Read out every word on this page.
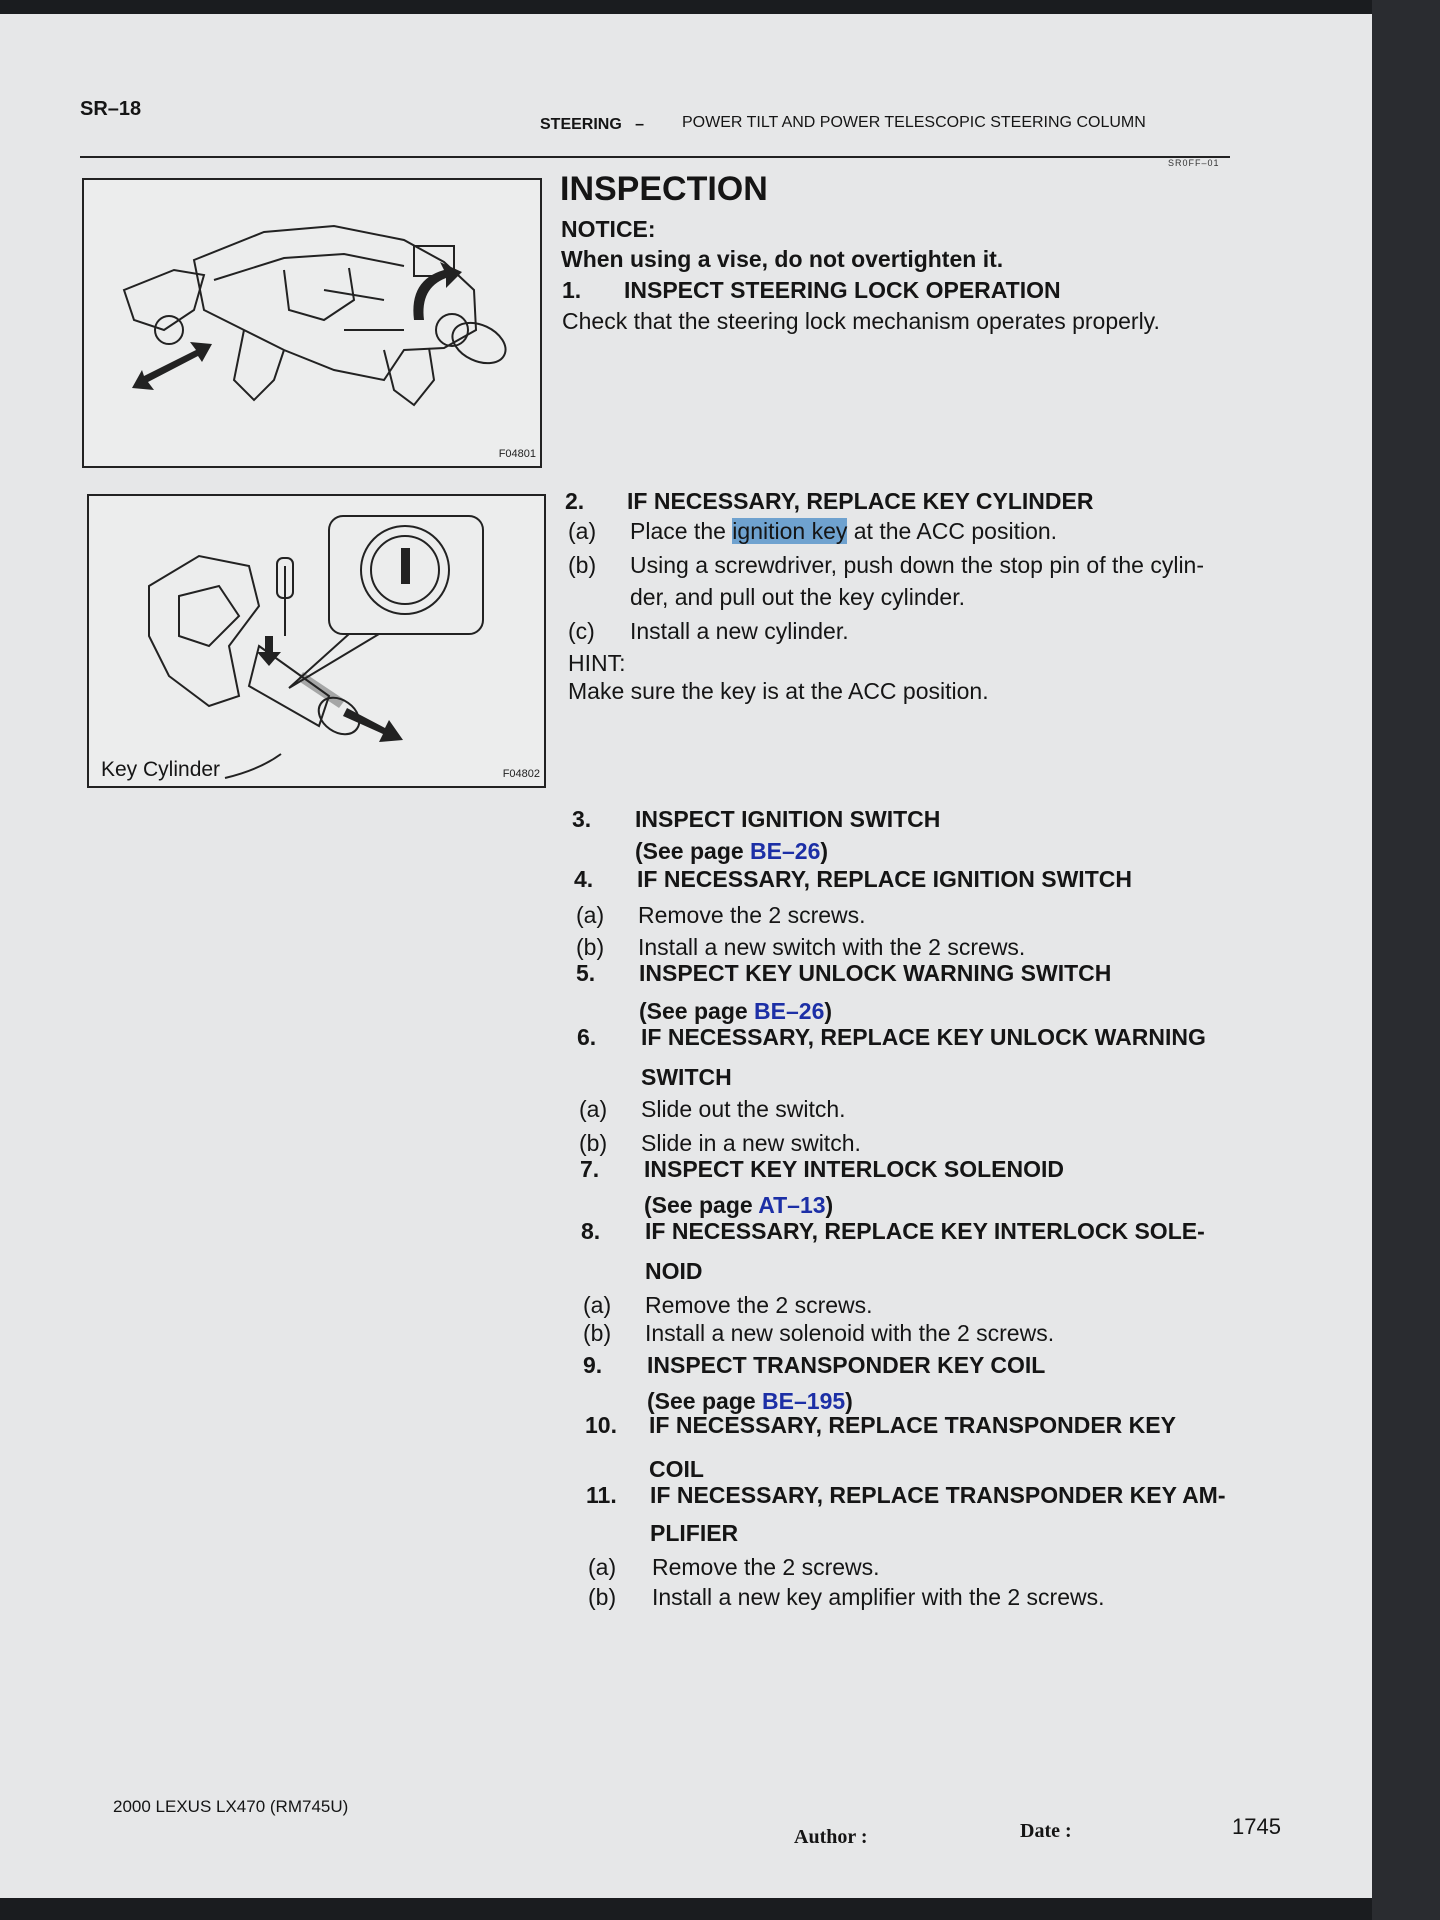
SR–18
STEERING – POWER TILT AND POWER TELESCOPIC STEERING COLUMN
SR0FF–01
F04801
Key Cylinder	F04802
INSPECTION
NOTICE:
When using a vise, do not overtighten it.
1. INSPECT STEERING LOCK OPERATION
Check that the steering lock mechanism operates properly.
2. IF NECESSARY, REPLACE KEY CYLINDER
(a) Place the ignition key at the ACC position.
(b) Using a screwdriver, push down the stop pin of the cylin-
der, and pull out the key cylinder.
(c) Install a new cylinder.
HINT:
Make sure the key is at the ACC position.
3. INSPECT IGNITION SWITCH
(See page BE–26)
4. IF NECESSARY, REPLACE IGNITION SWITCH
(a) Remove the 2 screws.
(b) Install a new switch with the 2 screws.
5. INSPECT KEY UNLOCK WARNING SWITCH
(See page BE–26)
6. IF NECESSARY, REPLACE KEY UNLOCK WARNING
SWITCH
(a) Slide out the switch.
(b) Slide in a new switch.
7. INSPECT KEY INTERLOCK SOLENOID
(See page AT–13)
8. IF NECESSARY, REPLACE KEY INTERLOCK SOLE-
NOID
(a) Remove the 2 screws.
(b) Install a new solenoid with the 2 screws.
9. INSPECT TRANSPONDER KEY COIL
(See page BE–195)
10. IF NECESSARY, REPLACE TRANSPONDER KEY
COIL
11. IF NECESSARY, REPLACE TRANSPONDER KEY AM-
PLIFIER
(a) Remove the 2 screws.
(b) Install a new key amplifier with the 2 screws.
2000 LEXUS LX470 (RM745U)
Author :	Date :	1745
